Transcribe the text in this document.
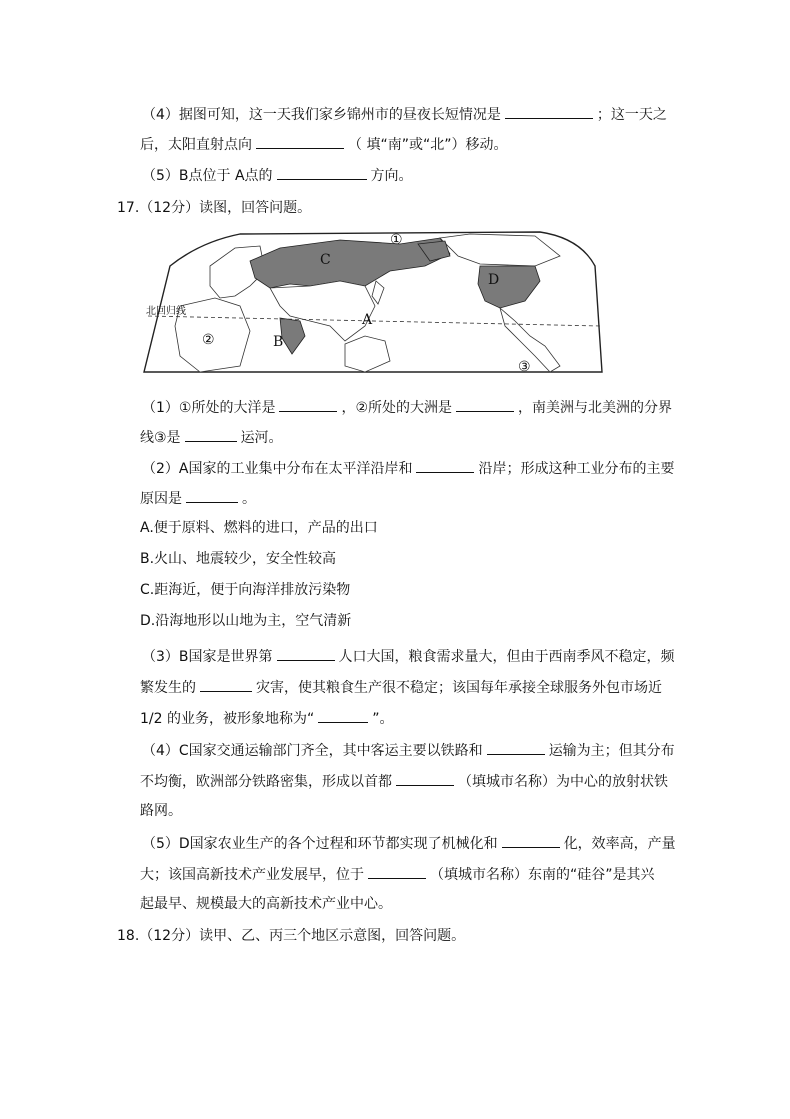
（4）据图可知，这一天我们家乡锦州市的昼夜长短情况是	；这一天之
后，太阳直射点向	（ 填“南”或“北”）移动。
（5）B点位于 A点的	方向。
17.（12分）读图，回答问题。
北回归线
①
②
③
C
D
A
B
（1）①所处的大洋是	，②所处的大洲是	，南美洲与北美洲的分界
线③是	运河。
（2）A国家的工业集中分布在太平洋沿岸和	沿岸；形成这种工业分布的主要
原因是	。
A.便于原料、燃料的进口，产品的出口
B.火山、地震较少，安全性较高
C.距海近，便于向海洋排放污染物
D.沿海地形以山地为主，空气清新
（3）B国家是世界第	人口大国，粮食需求量大，但由于西南季风不稳定，频
繁发生的	灾害，使其粮食生产很不稳定；该国每年承接全球服务外包市场近
1/2 的业务，被形象地称为“	”。
（4）C国家交通运输部门齐全，其中客运主要以铁路和	运输为主；但其分布
不均衡，欧洲部分铁路密集，形成以首都	（填城市名称）为中心的放射状铁
路网。
（5）D国家农业生产的各个过程和环节都实现了机械化和	化，效率高，产量
大；该国高新技术产业发展早，位于	（填城市名称）东南的“硅谷”是其兴
起最早、规模最大的高新技术产业中心。
18.（12分）读甲、乙、丙三个地区示意图，回答问题。
